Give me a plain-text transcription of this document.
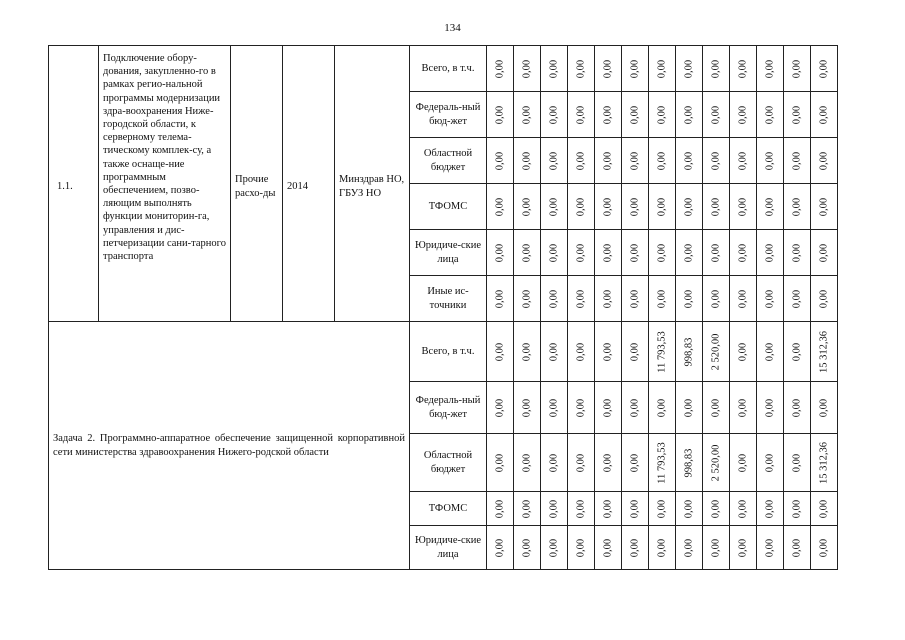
134
1.1.	Подключение обору-дования, закупленно-го в рамках регио-нальной программы модернизации здра-воохранения Ниже-городской области, к серверному телема-тическому комплек-су, а также оснаще-ние программным обеспечением, позво-ляющим выполнять функции мониторин-га, управления и дис-петчеризации сани-тарного транспорта	Прочие расхо-ды	2014	Минздрав НО, ГБУЗ НО	Всего, в т.ч.	0,00	0,00	0,00	0,00	0,00	0,00	0,00	0,00	0,00	0,00	0,00	0,00	0,00

					Федераль-ный бюд-жет	0,00	0,00	0,00	0,00	0,00	0,00	0,00	0,00	0,00	0,00	0,00	0,00	0,00

					Областной бюджет	0,00	0,00	0,00	0,00	0,00	0,00	0,00	0,00	0,00	0,00	0,00	0,00	0,00

					ТФОМС	0,00	0,00	0,00	0,00	0,00	0,00	0,00	0,00	0,00	0,00	0,00	0,00	0,00

					Юридиче-ские лица	0,00	0,00	0,00	0,00	0,00	0,00	0,00	0,00	0,00	0,00	0,00	0,00	0,00

					Иные ис-точники	0,00	0,00	0,00	0,00	0,00	0,00	0,00	0,00	0,00	0,00	0,00	0,00	0,00

Задача 2. Программно-аппаратное обеспечение защищенной корпоративной сети министерства здравоохранения Нижего-родской области					Всего, в т.ч.	0,00	0,00	0,00	0,00	0,00	0,00	11 793,53	998,83	2 520,00	0,00	0,00	0,00	15 312,36

					Федераль-ный бюд-жет	0,00	0,00	0,00	0,00	0,00	0,00	0,00	0,00	0,00	0,00	0,00	0,00	0,00

					Областной бюджет	0,00	0,00	0,00	0,00	0,00	0,00	11 793,53	998,83	2 520,00	0,00	0,00	0,00	15 312,36

					ТФОМС	0,00	0,00	0,00	0,00	0,00	0,00	0,00	0,00	0,00	0,00	0,00	0,00	0,00

					Юридиче-ские лица	0,00	0,00	0,00	0,00	0,00	0,00	0,00	0,00	0,00	0,00	0,00	0,00	0,00
